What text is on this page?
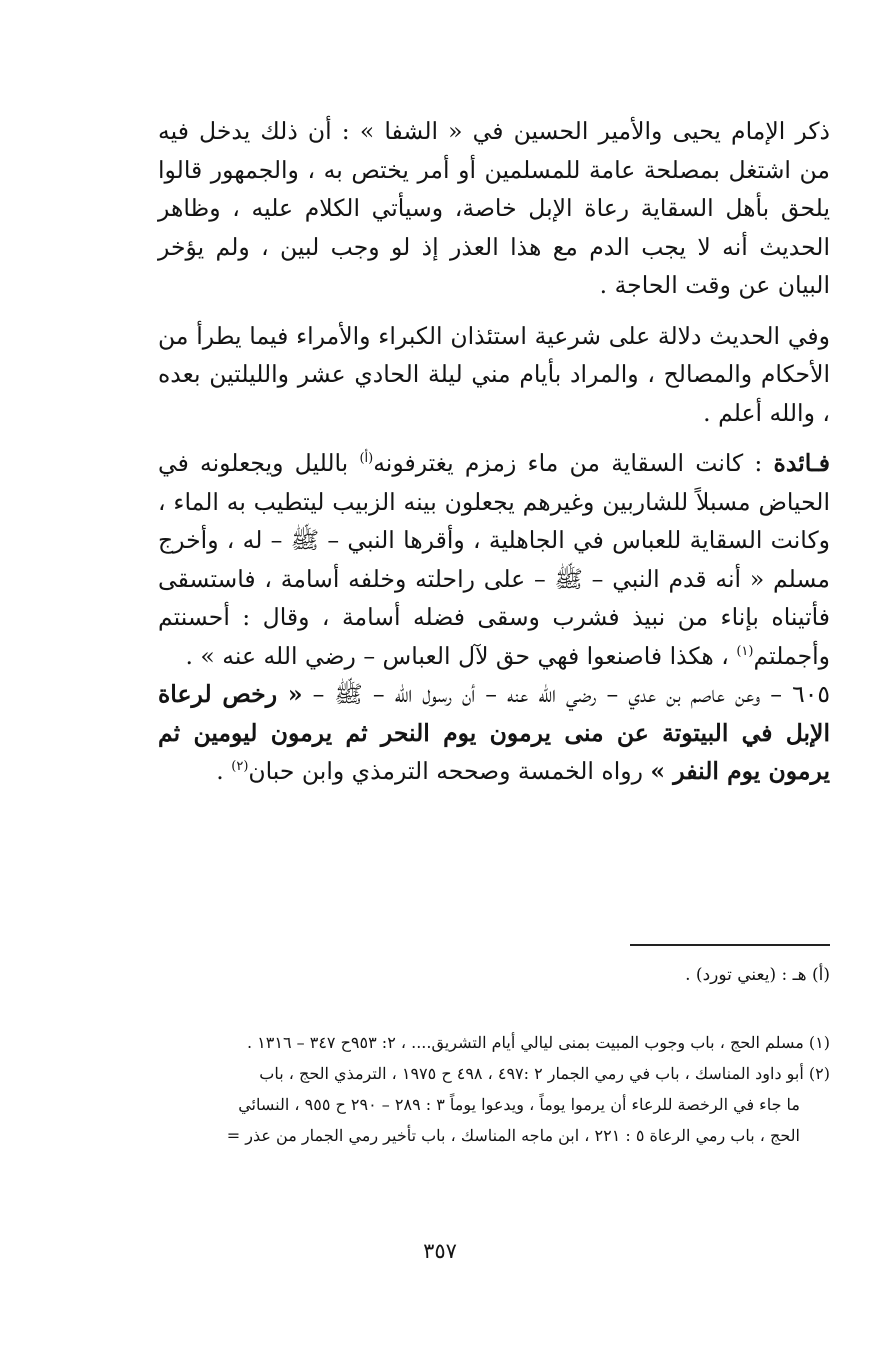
ذكر الإمام يحيى والأمير الحسين في « الشفا » : أن ذلك يدخل فيه من اشتغل بمصلحة عامة للمسلمين أو أمر يختص به ، والجمهور قالوا يلحق بأهل السقاية رعاة الإبل خاصة، وسيأتي الكلام عليه ، وظاهر الحديث أنه لا يجب الدم مع هذا العذر إذ لو وجب لبين ، ولم يؤخر البيان عن وقت الحاجة .

وفي الحديث دلالة على شرعية استئذان الكبراء والأمراء فيما يطرأ من الأحكام والمصالح ، والمراد بأيام مني ليلة الحادي عشر والليلتين بعده ، والله أعلم .

فـائدة : كانت السقاية من ماء زمزم يغترفونه$^{(أ)}$ بالليل ويجعلونه في الحياض مسبلاً للشاربين وغيرهم يجعلون بينه الزبيب ليتطيب به الماء ، وكانت السقاية للعباس في الجاهلية ، وأقرها النبي – ﷺ – له ، وأخرج مسلم « أنه قدم النبي – ﷺ – على راحلته وخلفه أسامة ، فاستسقى فأتيناه بإناء من نبيذ فشرب وسقى فضله أسامة ، وقال : أحسنتم وأجملتم$^{(١)}$ ، هكذا فاصنعوا فهي حق لآل العباس – رضي الله عنه » .

٦٠٥ – وعن عاصم بن عدي – رضي الله عنه – أن رسول الله – ﷺ – « رخص لرعاة الإبل في البيتوتة عن منى يرمون يوم النحر ثم يرمون ليومين ثم يرمون يوم النفر » رواه الخمسة وصححه الترمذي وابن حبان$^{(٢)}$ .

(أ) هـ : (يعني تورد) .

(١) مسلم الحج ، باب وجوب المبيت بمنى ليالي أيام التشريق.... ، ٢: ٩٥٣ح ٣٤٧ – ١٣١٦ .

(٢) أبو داود المناسك ، باب في رمي الجمار ٢ :٤٩٧ ، ٤٩٨ ح ١٩٧٥ ، الترمذي الحج ، باب

ما جاء في الرخصة للرعاء أن يرموا يوماً ، ويدعوا يوماً ٣ : ٢٨٩ – ٢٩٠ ح ٩٥٥ ، النسائي

الحج ، باب رمي الرعاة ٥ : ٢٢١ ، ابن ماجه المناسك ، باب تأخير رمي الجمار من عذر =

٣٥٧
